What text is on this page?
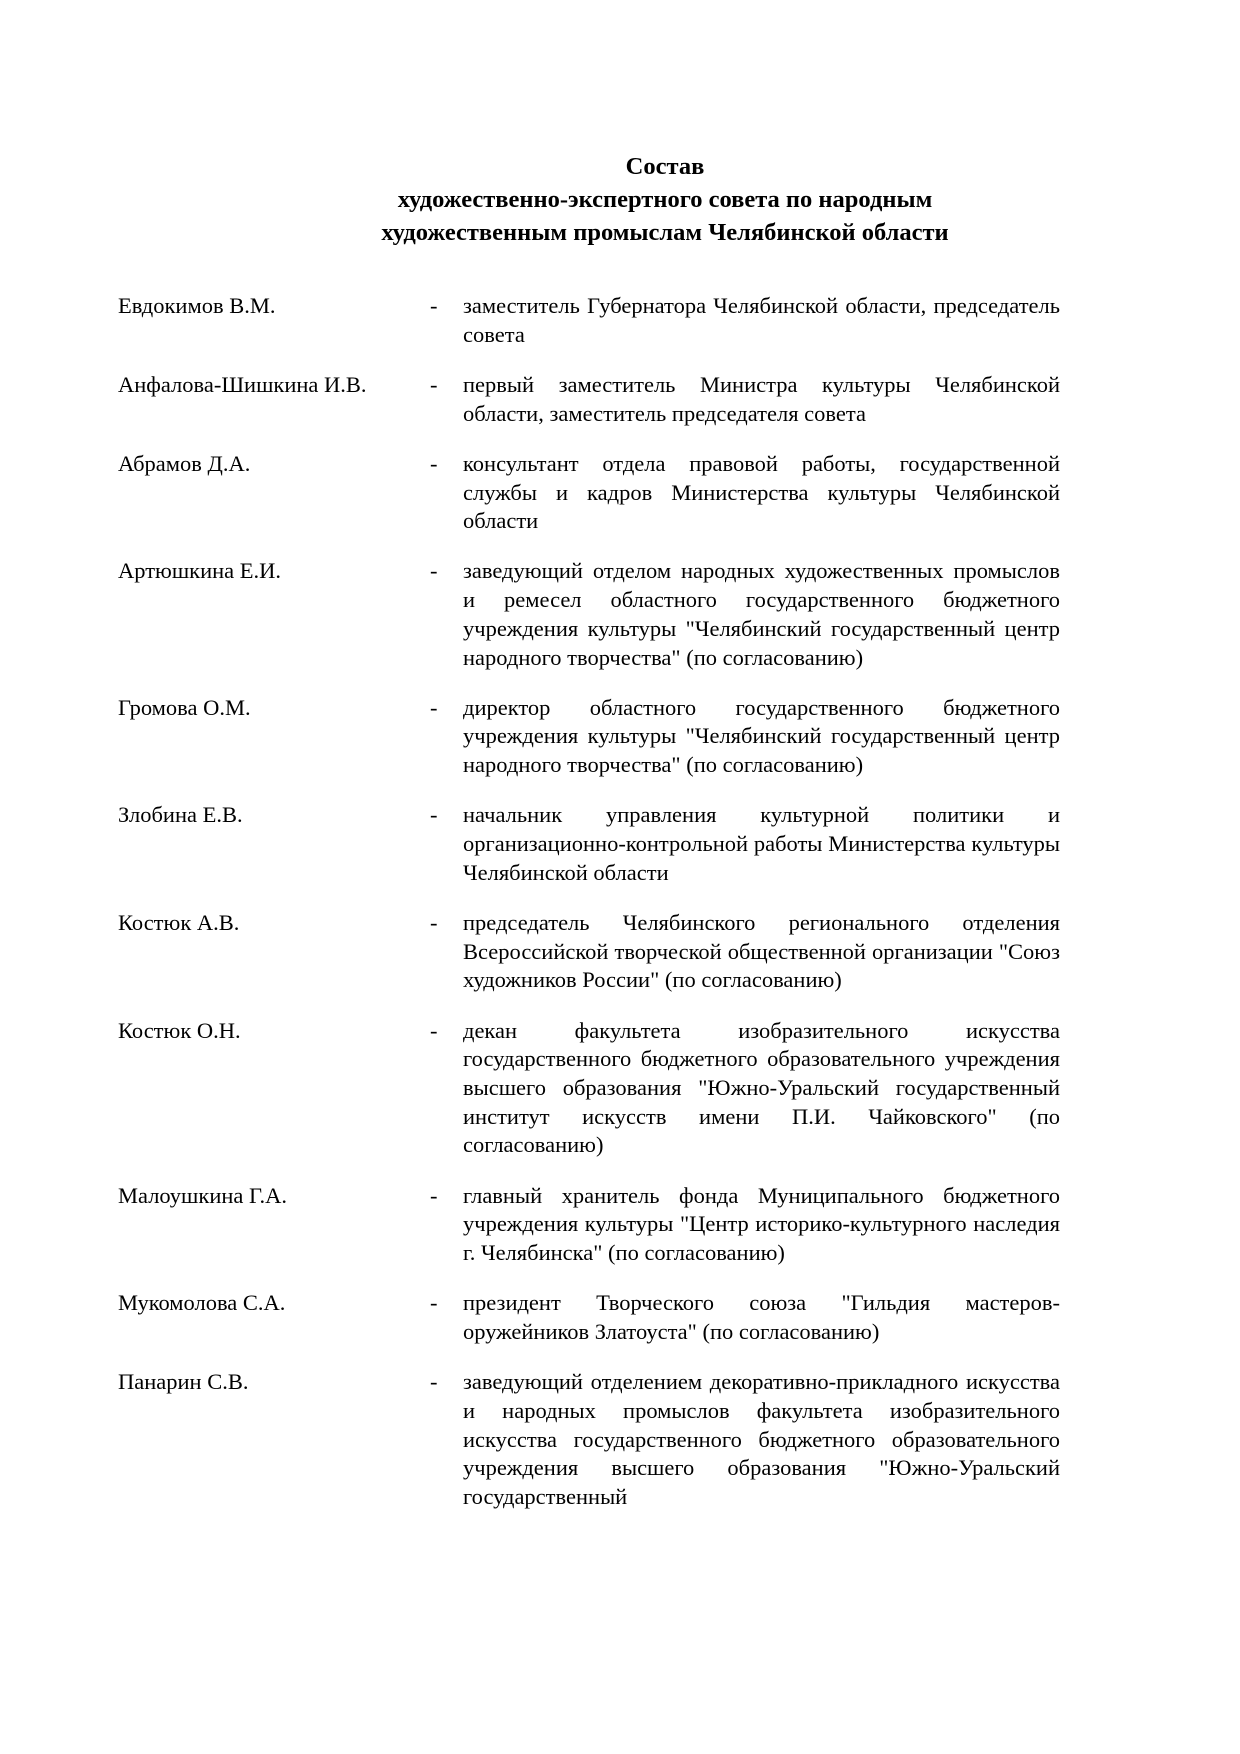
Состав
художественно-экспертного совета по народным
художественным промыслам Челябинской области
Евдокимов В.М.	-	заместитель Губернатора Челябинской области, председатель совета
Анфалова-Шишкина И.В.	-	первый заместитель Министра культуры Челябинской области, заместитель председателя совета
Абрамов Д.А.	-	консультант отдела правовой работы, государственной службы и кадров Министерства культуры Челябинской области
Артюшкина Е.И.	-	заведующий отделом народных художественных промыслов и ремесел областного государственного бюджетного учреждения культуры "Челябинский государственный центр народного творчества" (по согласованию)
Громова О.М.	-	директор областного государственного бюджетного учреждения культуры "Челябинский государственный центр народного творчества" (по согласованию)
Злобина Е.В.	-	начальник управления культурной политики и организационно-контрольной работы Министерства культуры Челябинской области
Костюк А.В.	-	председатель Челябинского регионального отделения Всероссийской творческой общественной организации "Союз художников России" (по согласованию)
Костюк О.Н.	-	декан факультета изобразительного искусства государственного бюджетного образовательного учреждения высшего образования "Южно-Уральский государственный институт искусств имени П.И. Чайковского" (по согласованию)
Малоушкина Г.А.	-	главный хранитель фонда Муниципального бюджетного учреждения культуры "Центр историко-культурного наследия г. Челябинска" (по согласованию)
Мукомолова С.А.	-	президент Творческого союза "Гильдия мастеров-оружейников Златоуста" (по согласованию)
Панарин С.В.	-	заведующий отделением декоративно-прикладного искусства и народных промыслов факультета изобразительного искусства государственного бюджетного образовательного учреждения высшего образования "Южно-Уральский государственный
